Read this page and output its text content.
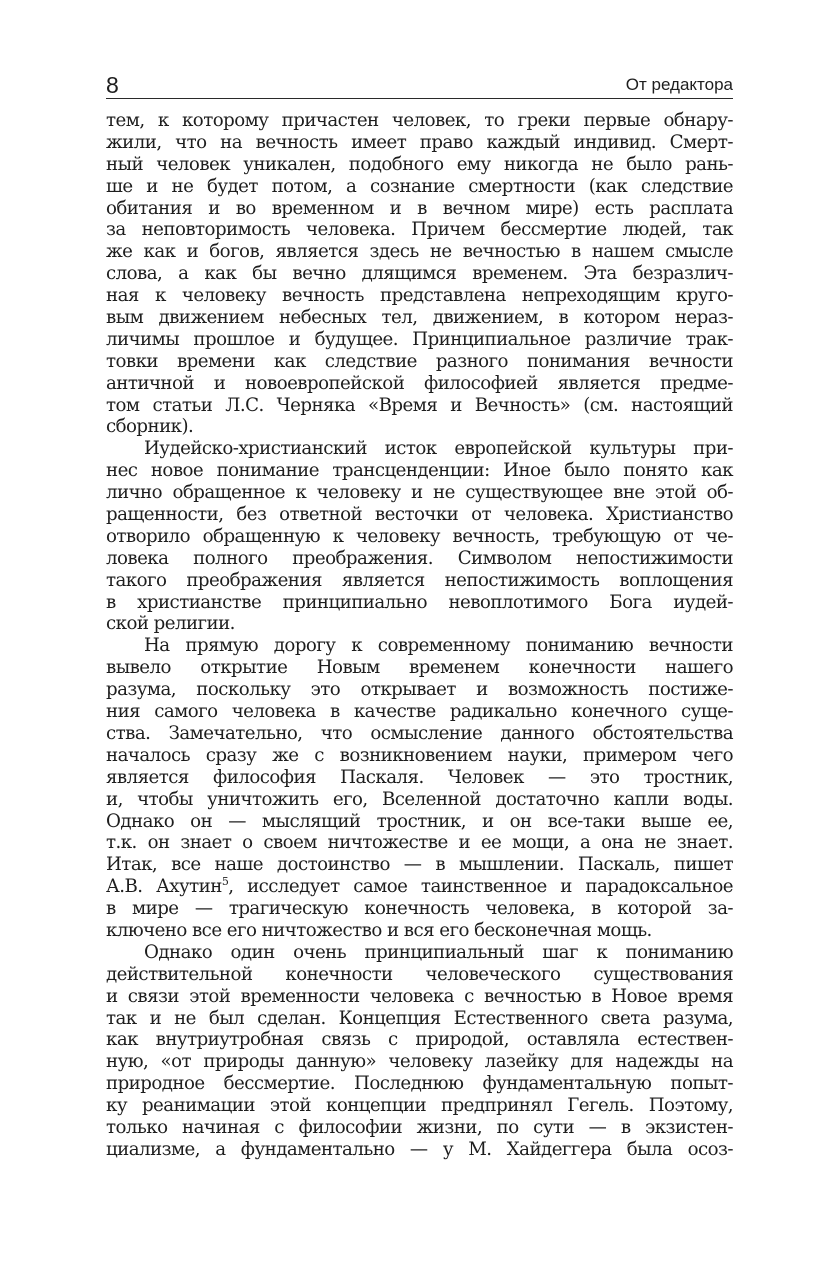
8	От редактора
тем, к которому причастен человек, то греки первые обнару-
жили, что на вечность имеет право каждый индивид. Смерт-
ный человек уникален, подобного ему никогда не было рань-
ше и не будет потом, а сознание смертности (как следствие
обитания и во временном и в вечном мире) есть расплата
за неповторимость человека. Причем бессмертие людей, так
же как и богов, является здесь не вечностью в нашем смысле
слова, а как бы вечно длящимся временем. Эта безразлич-
ная к человеку вечность представлена непреходящим круго-
вым движением небесных тел, движением, в котором нераз-
личимы прошлое и будущее. Принципиальное различие трак-
товки времени как следствие разного понимания вечности
античной и новоевропейской философией является предме-
том статьи Л.С. Черняка «Время и Вечность» (см. настоящий
сборник).
Иудейско-христианский исток европейской культуры при-
нес новое понимание трансценденции: Иное было понято как
лично обращенное к человеку и не существующее вне этой об-
ращенности, без ответной весточки от человека. Христианство
отворило обращенную к человеку вечность, требующую от че-
ловека полного преображения. Символом непостижимости
такого преображения является непостижимость воплощения
в христианстве принципиально невоплотимого Бога иудей-
ской религии.
На прямую дорогу к современному пониманию вечности
вывело открытие Новым временем конечности нашего
разума, поскольку это открывает и возможность постиже-
ния самого человека в качестве радикально конечного суще-
ства. Замечательно, что осмысление данного обстоятельства
началось сразу же с возникновением науки, примером чего
является философия Паскаля. Человек — это тростник,
и, чтобы уничтожить его, Вселенной достаточно капли воды.
Однако он — мыслящий тростник, и он все-таки выше ее,
т.к. он знает о своем ничтожестве и ее мощи, а она не знает.
Итак, все наше достоинство — в мышлении. Паскаль, пишет
А.В. Ахутин$^5$, исследует самое таинственное и парадоксальное
в мире — трагическую конечность человека, в которой за-
ключено все его ничтожество и вся его бесконечная мощь.
Однако один очень принципиальный шаг к пониманию
действительной конечности человеческого существования
и связи этой временности человека с вечностью в Новое время
так и не был сделан. Концепция Естественного света разума,
как внутриутробная связь с природой, оставляла естествен-
ную, «от природы данную» человеку лазейку для надежды на
природное бессмертие. Последнюю фундаментальную попыт-
ку реанимации этой концепции предпринял Гегель. Поэтому,
только начиная с философии жизни, по сути — в экзистен-
циализме, а фундаментально — у М. Хайдеггера была осоз-
